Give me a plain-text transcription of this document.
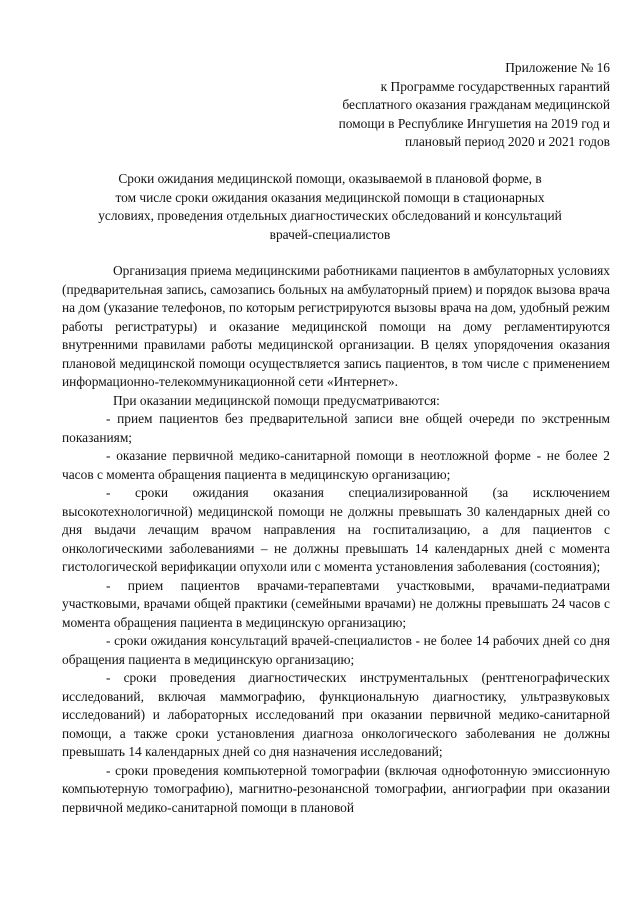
Приложение № 16
к Программе государственных гарантий
бесплатного оказания гражданам медицинской
помощи в Республике Ингушетия на 2019 год и
плановый период 2020 и 2021 годов
Сроки ожидания медицинской помощи, оказываемой в плановой форме, в
том числе сроки ожидания оказания медицинской помощи в стационарных
условиях, проведения отдельных диагностических обследований и консультаций
врачей-специалистов

Организация приема медицинскими работниками пациентов в амбулаторных условиях (предварительная запись, самозапись больных на амбулаторный прием) и порядок вызова врача на дом (указание телефонов, по которым регистрируются вызовы врача на дом, удобный режим работы регистратуры) и оказание медицинской помощи на дому регламентируются внутренними правилами работы медицинской организации. В целях упорядочения оказания плановой медицинской помощи осуществляется запись пациентов, в том числе с применением информационно-телекоммуникационной сети «Интернет».

При оказании медицинской помощи предусматриваются:

- прием пациентов без предварительной записи вне общей очереди по экстренным показаниям;

- оказание первичной медико-санитарной помощи в неотложной форме - не более 2 часов с момента обращения пациента в медицинскую организацию;

- сроки ожидания оказания специализированной (за исключением высокотехнологичной) медицинской помощи не должны превышать 30 календарных дней со дня выдачи лечащим врачом направления на госпитализацию, а для пациентов с онкологическими заболеваниями – не должны превышать 14 календарных дней с момента гистологической верификации опухоли или с момента установления заболевания (состояния);

- прием пациентов врачами-терапевтами участковыми, врачами-педиатрами участковыми, врачами общей практики (семейными врачами) не должны превышать 24 часов с момента обращения пациента в медицинскую организацию;

- сроки ожидания консультаций врачей-специалистов - не более 14 рабочих дней со дня обращения пациента в медицинскую организацию;

- сроки проведения диагностических инструментальных (рентгенографических исследований, включая маммографию, функциональную диагностику, ультразвуковых исследований) и лабораторных исследований при оказании первичной медико-санитарной помощи, а также сроки установления диагноза онкологического заболевания не должны превышать 14 календарных дней со дня назначения исследований;

- сроки проведения компьютерной томографии (включая однофотонную эмиссионную компьютерную томографию), магнитно-резонансной томографии, ангиографии при оказании первичной медико-санитарной помощи в плановой
